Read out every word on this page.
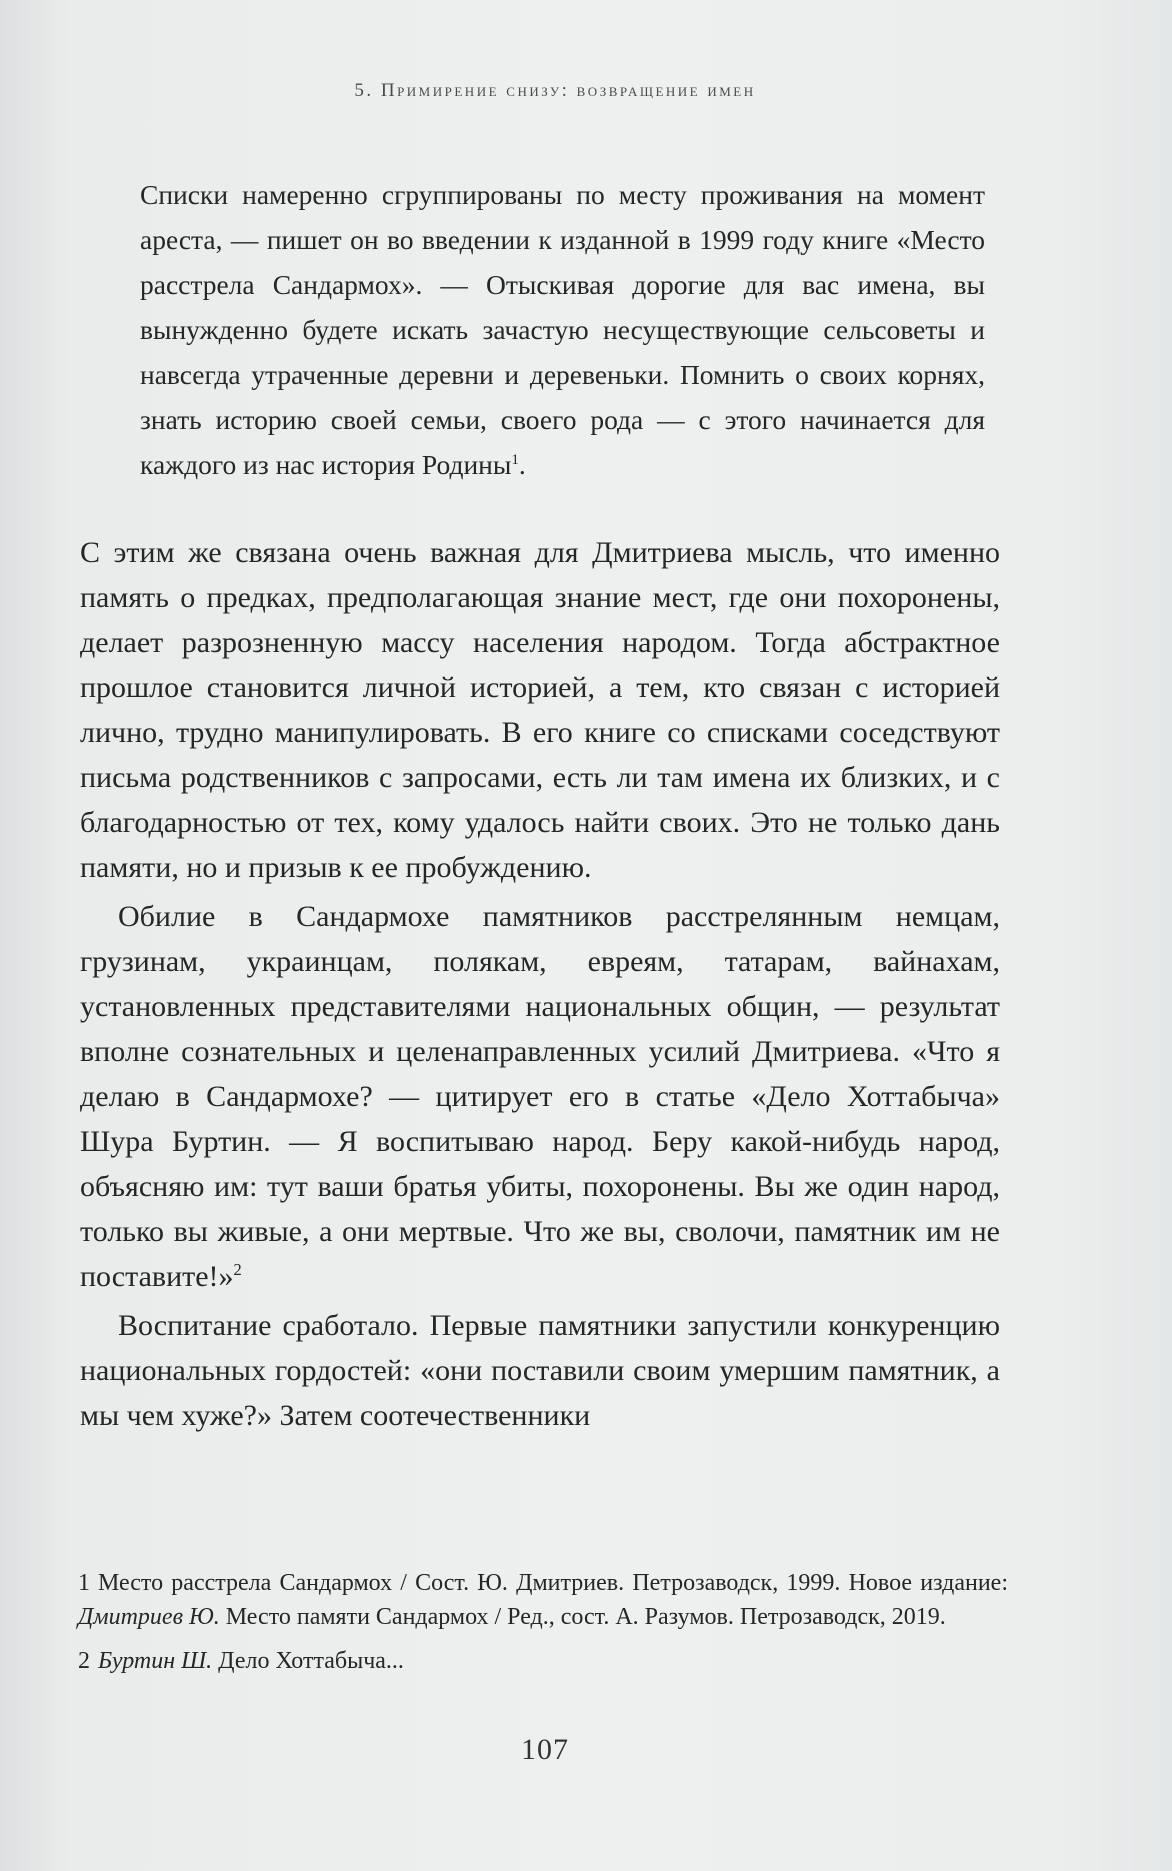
5. Примирение снизу: возвращение имен

Списки намеренно сгруппированы по месту проживания на момент ареста, — пишет он во введении к изданной в 1999 году книге «Место расстрела Сандармох». — Отыскивая дорогие для вас имена, вы вынужденно будете искать зачастую несуществующие сельсоветы и навсегда утраченные деревни и деревеньки. Помнить о своих корнях, знать историю своей семьи, своего рода — с этого начинается для каждого из нас история Родины$^1$.

С этим же связана очень важная для Дмитриева мысль, что именно память о предках, предполагающая знание мест, где они похоронены, делает разрозненную массу населения народом. Тогда абстрактное прошлое становится личной историей, а тем, кто связан с историей лично, трудно манипулировать. В его книге со списками соседствуют письма родственников с запросами, есть ли там имена их близких, и с благодарностью от тех, кому удалось найти своих. Это не только дань памяти, но и призыв к ее пробуждению.

Обилие в Сандармохе памятников расстрелянным немцам, грузинам, украинцам, полякам, евреям, татарам, вайнахам, установленных представителями национальных общин, — результат вполне сознательных и целенаправленных усилий Дмитриева. «Что я делаю в Сандармохе? — цитирует его в статье «Дело Хоттабыча» Шура Буртин. — Я воспитываю народ. Беру какой-нибудь народ, объясняю им: тут ваши братья убиты, похоронены. Вы же один народ, только вы живые, а они мертвые. Что же вы, сволочи, памятник им не поставите!»$^2$

Воспитание сработало. Первые памятники запустили конкуренцию национальных гордостей: «они поставили своим умершим памятник, а мы чем хуже?» Затем соотечественники

1 Место расстрела Сандармох / Сост. Ю. Дмитриев. Петрозаводск, 1999. Новое издание: Дмитриев Ю. Место памяти Сандармох / Ред., сост. А. Разумов. Петрозаводск, 2019.

2 Буртин Ш. Дело Хоттабыча...

107
